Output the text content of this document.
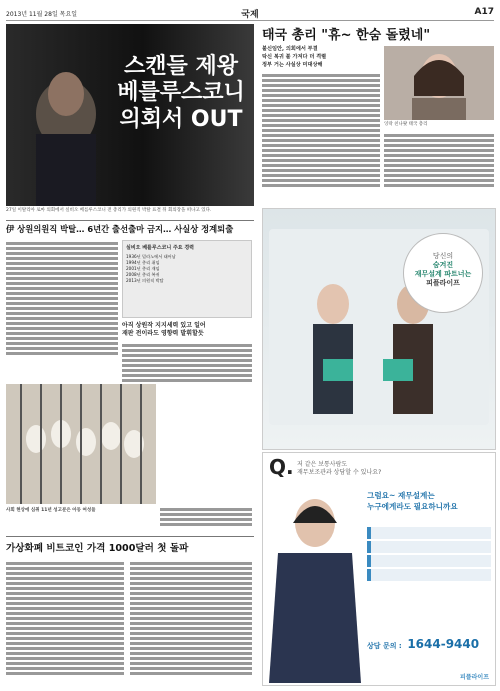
2013년 11월 28일 목요일	국제	A17
스캔들 제왕
베를루스코니
의회서 OUT
27일 이탈리아 로마 의회에서 실비오 베를루스코니 전 총리가 의원직 박탈 표결 뒤 회의장을 떠나고 있다.
伊 상원의원직 박탈… 6년간 출선출마 금지… 사실상 정계퇴출
실비오 베를루스코니 주요 경력
1936년 밀라노에서 태어남
1994년 총리 취임
2001년 총리 재임
2008년 총리 복귀
2013년 의원직 박탈
아직 상원작 지지세력 있고 일어
재판 전이라도 영향력 발휘할듯
사회 현상에 심취 11년 성고분은 아동 여성들
가상화폐 비트코인 가격 1000달러 첫 돌파
태국 총리 "휴~ 한숨 돌렸네"
불신임안, 의회에서 부결
탁신 복귀 불 가져다 더 격렬
정부 거는 사실상 미대상해
잉락 친나왓 태국 총리
당신의
숨겨진
재무설계 파트너는
피플라이프
Q. 저 같은 보통사람도
재무보조관과 상담할 수 있나요?
그럼요~ 재무설계는
누구에게라도 필요하니까요
상담 문의 : 1644-9440
피플라이프
